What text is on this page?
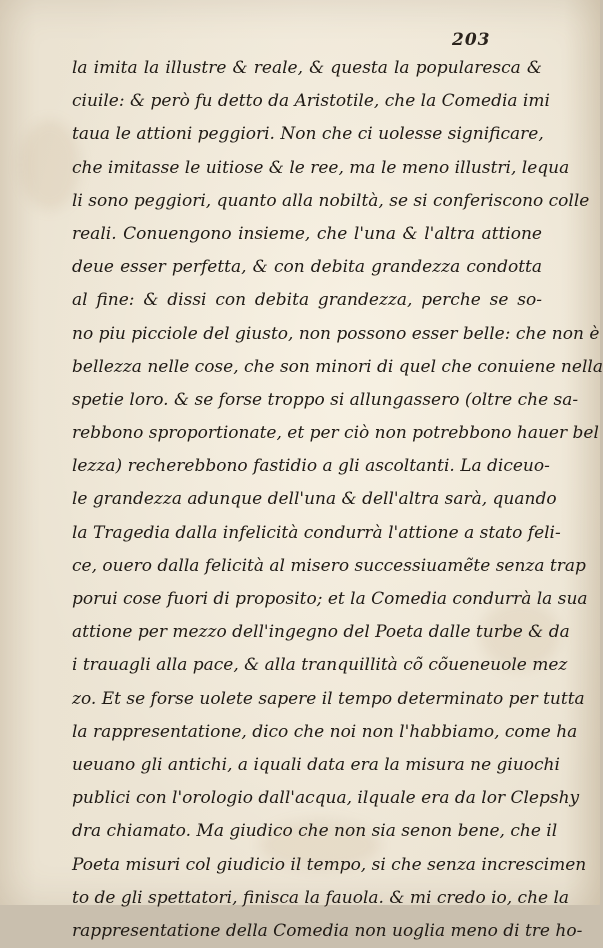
203
la imita la illustre & reale, & questa la popularesca &
ciuile: & però fu detto da Aristotile, che la Comedia imi
taua le attioni peggiori. Non che ci uolesse significare,
che imitasse le uitiose & le ree, ma le meno illustri, lequa
li sono peggiori, quanto alla nobiltà, se si conferiscono colle
reali. Conuengono insieme, che l'una & l'altra attione
deue esser perfetta, & con debita grandezza condotta
al fine: & dissi con debita grandezza, perche se so-
no piu picciole del giusto, non possono esser belle: che non è
bellezza nelle cose, che son minori di quel che conuiene nella
spetie loro. & se forse troppo si allungassero (oltre che sa-
rebbono sproportionate, et per ciò non potrebbono hauer bel
lezza) recherebbono fastidio a gli ascoltanti. La diceuo-
le grandezza adunque dell'una & dell'altra sarà, quando
la Tragedia dalla infelicità condurrà l'attione a stato feli-
ce, ouero dalla felicità al misero successiuamẽte senza trap
porui cose fuori di proposito; et la Comedia condurrà la sua
attione per mezzo dell'ingegno del Poeta dalle turbe & da
i trauagli alla pace, & alla tranquillità cõ cõueneuole mez
zo. Et se forse uolete sapere il tempo determinato per tutta
la rappresentatione, dico che noi non l'habbiamo, come ha
ueuano gli antichi, a iquali data era la misura ne giuochi
publici con l'orologio dall'acqua, ilquale era da lor Clepshy
dra chiamato. Ma giudico che non sia senon bene, che il
Poeta misuri col giudicio il tempo, si che senza increscimen
to de gli spettatori, finisca la fauola. & mi credo io, che la
rappresentatione della Comedia non uoglia meno di tre ho-
